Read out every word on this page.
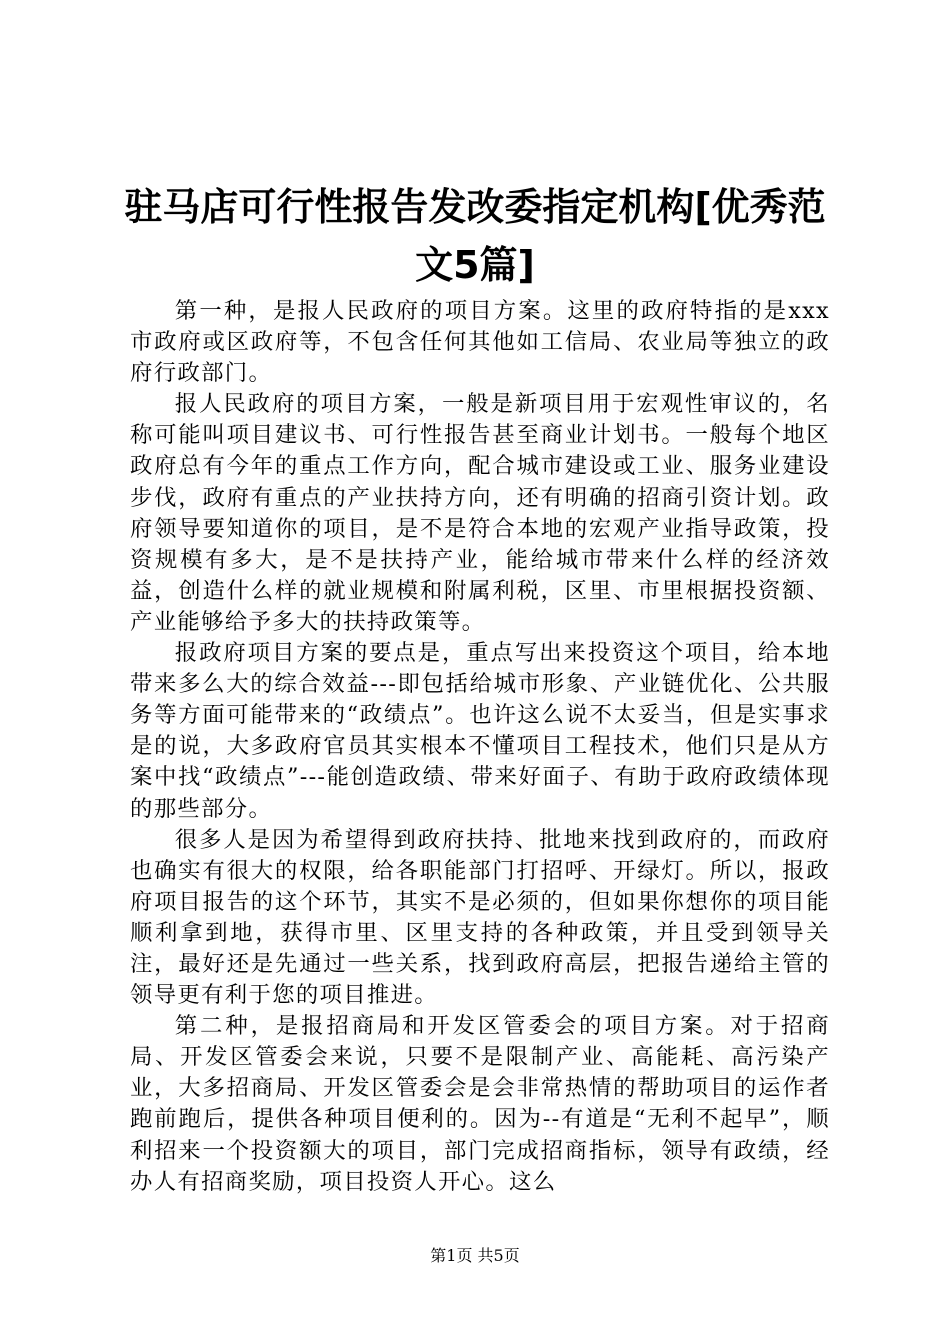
驻马店可行性报告发改委指定机构[优秀范文5篇]

第一种，是报人民政府的项目方案。这里的政府特指的是xxx市政府或区政府等，不包含任何其他如工信局、农业局等独立的政府行政部门。

报人民政府的项目方案，一般是新项目用于宏观性审议的，名称可能叫项目建议书、可行性报告甚至商业计划书。一般每个地区政府总有今年的重点工作方向，配合城市建设或工业、服务业建设步伐，政府有重点的产业扶持方向，还有明确的招商引资计划。政府领导要知道你的项目，是不是符合本地的宏观产业指导政策，投资规模有多大，是不是扶持产业，能给城市带来什么样的经济效益，创造什么样的就业规模和附属利税，区里、市里根据投资额、产业能够给予多大的扶持政策等。

报政府项目方案的要点是，重点写出来投资这个项目，给本地带来多么大的综合效益---即包括给城市形象、产业链优化、公共服务等方面可能带来的“政绩点”。也许这么说不太妥当，但是实事求是的说，大多政府官员其实根本不懂项目工程技术，他们只是从方案中找“政绩点”---能创造政绩、带来好面子、有助于政府政绩体现的那些部分。

很多人是因为希望得到政府扶持、批地来找到政府的，而政府也确实有很大的权限，给各职能部门打招呼、开绿灯。所以，报政府项目报告的这个环节，其实不是必须的，但如果你想你的项目能顺利拿到地，获得市里、区里支持的各种政策，并且受到领导关注，最好还是先通过一些关系，找到政府高层，把报告递给主管的领导更有利于您的项目推进。

第二种，是报招商局和开发区管委会的项目方案。对于招商局、开发区管委会来说，只要不是限制产业、高能耗、高污染产业，大多招商局、开发区管委会是会非常热情的帮助项目的运作者跑前跑后，提供各种项目便利的。因为--有道是“无利不起早”，顺利招来一个投资额大的项目，部门完成招商指标，领导有政绩，经办人有招商奖励，项目投资人开心。这么

第1页 共5页
